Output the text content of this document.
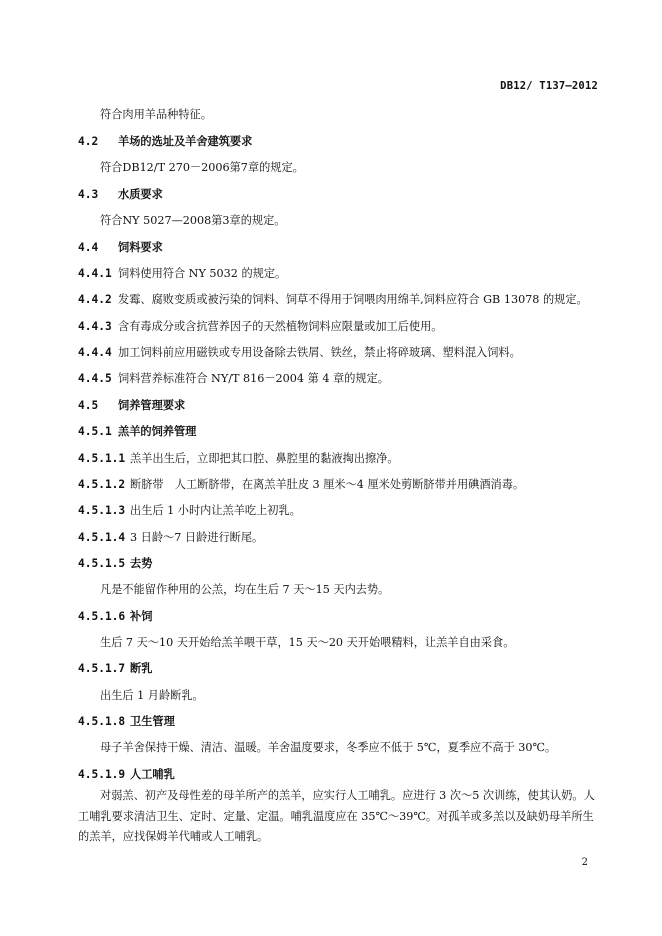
DB12/ T137—2012
符合肉用羊品种特征。
4.2 羊场的选址及羊舍建筑要求
符合DB12/T 270－2006第7章的规定。
4.3 水质要求
符合NY 5027—2008第3章的规定。
4.4 饲料要求
4.4.1 饲料使用符合 NY 5032 的规定。
4.4.2 发霉、腐败变质或被污染的饲料、饲草不得用于饲喂肉用绵羊,饲料应符合 GB 13078 的规定。
4.4.3 含有毒成分或含抗营养因子的天然植物饲料应限量或加工后使用。
4.4.4 加工饲料前应用磁铁或专用设备除去铁屑、铁丝，禁止将碎玻璃、塑料混入饲料。
4.4.5 饲料营养标准符合 NY/T 816－2004 第 4 章的规定。
4.5 饲养管理要求
4.5.1 羔羊的饲养管理
4.5.1.1 羔羊出生后，立即把其口腔、鼻腔里的黏液掏出擦净。
4.5.1.2 断脐带　人工断脐带，在离羔羊肚皮 3 厘米～4 厘米处剪断脐带并用碘酒消毒。
4.5.1.3 出生后 1 小时内让羔羊吃上初乳。
4.5.1.4 3 日龄～7 日龄进行断尾。
4.5.1.5 去势
凡是不能留作种用的公羔，均在生后 7 天～15 天内去势。
4.5.1.6 补饲
生后 7 天～10 天开始给羔羊喂干草，15 天～20 天开始喂精料，让羔羊自由采食。
4.5.1.7 断乳
出生后 1 月龄断乳。
4.5.1.8 卫生管理
母子羊舍保持干燥、清洁、温暖。羊舍温度要求，冬季应不低于 5℃，夏季应不高于 30℃。
4.5.1.9 人工哺乳
对弱羔、初产及母性差的母羊所产的羔羊，应实行人工哺乳。应进行 3 次～5 次训练，使其认奶。人工哺乳要求清洁卫生、定时、定量、定温。哺乳温度应在 35℃～39℃。对孤羊或多羔以及缺奶母羊所生的羔羊，应找保姆羊代哺或人工哺乳。
2
